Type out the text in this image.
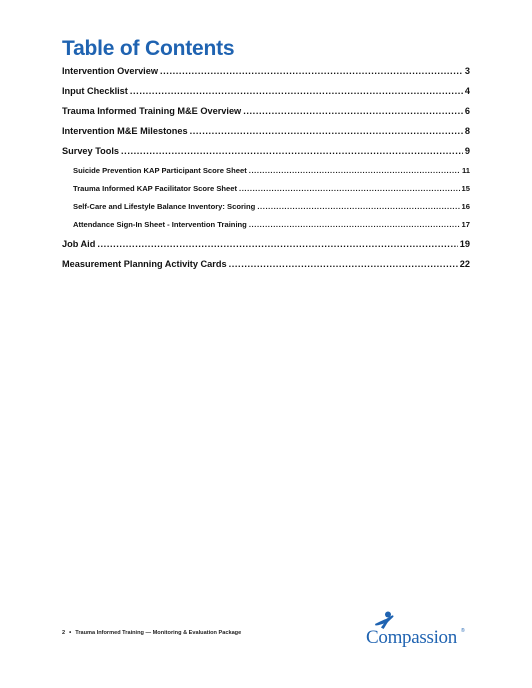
Table of Contents
Intervention Overview .....	3
Input Checklist .....	4
Trauma Informed Training M&E Overview .....	6
Intervention M&E Milestones .....	8
Survey Tools .....	9
Suicide Prevention KAP Participant Score Sheet .....	11
Trauma Informed KAP Facilitator Score Sheet .....	15
Self-Care and Lifestyle Balance Inventory: Scoring .....	16
Attendance Sign-In Sheet - Intervention Training .....	17
Job Aid .....	19
Measurement Planning Activity Cards .....	22
2 • Trauma Informed Training — Monitoring & Evaluation Package	Compassion ®
